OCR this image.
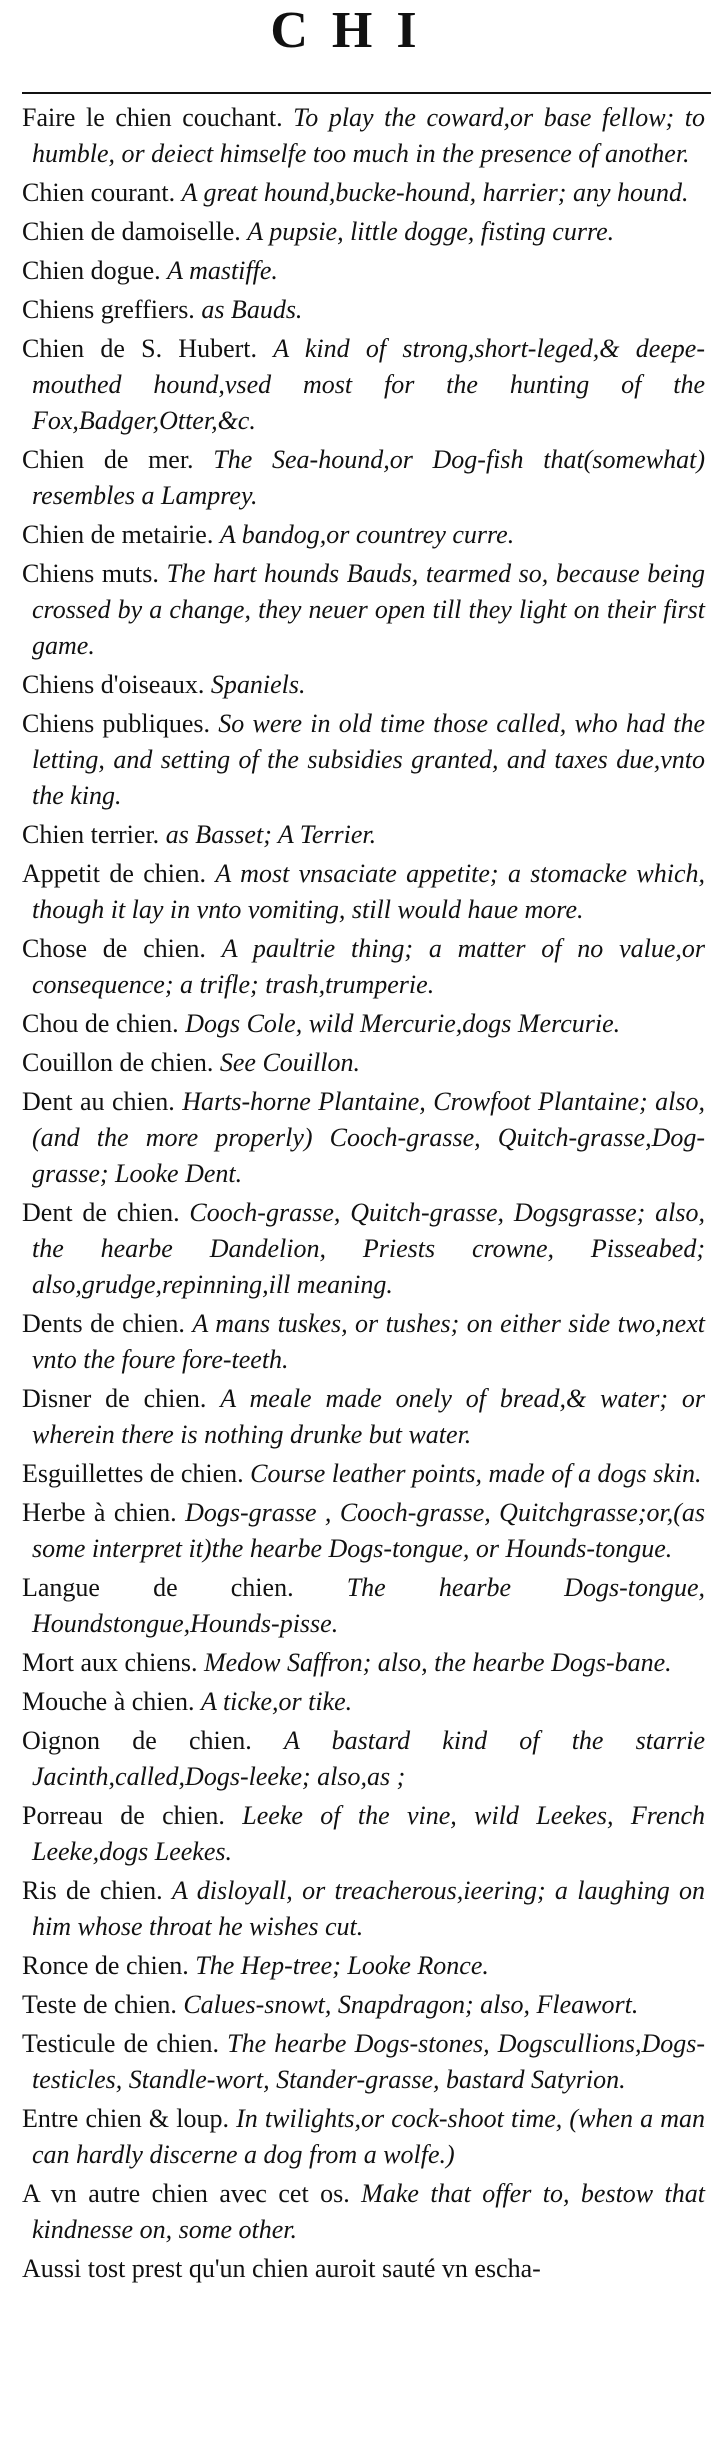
CHI

Faire le chien couchant. To play the coward,or base fellow; to humble, or deiect himselfe too much in the presence of another.

Chien courant. A great hound,bucke-hound, harrier; any hound.

Chien de damoiselle. A pupsie, little dogge, fisting curre.

Chien dogue. A mastiffe.

Chiens greffiers. as Bauds.

Chien de S. Hubert. A kind of strong,short-leged,& deepe-mouthed hound,vsed most for the hunting of the Fox,Badger,Otter,&c.

Chien de mer. The Sea-hound,or Dog-fish that(somewhat) resembles a Lamprey.

Chien de metairie. A bandog,or countrey curre.

Chiens muts. The hart hounds Bauds, tearmed so, because being crossed by a change, they neuer open till they light on their first game.

Chiens d'oiseaux. Spaniels.

Chiens publiques. So were in old time those called, who had the letting, and setting of the subsidies granted, and taxes due,vnto the king.

Chien terrier. as Basset; A Terrier.

Appetit de chien. A most vnsaciate appetite; a stomacke which, though it lay in vnto vomiting, still would haue more.

Chose de chien. A paultrie thing; a matter of no value,or consequence; a trifle; trash,trumperie.

Chou de chien. Dogs Cole, wild Mercurie,dogs Mercurie.

Couillon de chien. See Couillon.

Dent au chien. Harts-horne Plantaine, Crowfoot Plantaine; also,(and the more properly) Cooch-grasse, Quitch-grasse,Dog-grasse; Looke Dent.

Dent de chien. Cooch-grasse, Quitch-grasse, Dogsgrasse; also, the hearbe Dandelion, Priests crowne, Pisseabed; also,grudge,repinning,ill meaning.

Dents de chien. A mans tuskes, or tushes; on either side two,next vnto the foure fore-teeth.

Disner de chien. A meale made onely of bread,& water; or wherein there is nothing drunke but water.

Esguillettes de chien. Course leather points, made of a dogs skin.

Herbe à chien. Dogs-grasse , Cooch-grasse, Quitchgrasse;or,(as some interpret it)the hearbe Dogs-tongue, or Hounds-tongue.

Langue de chien. The hearbe Dogs-tongue, Houndstongue,Hounds-pisse.

Mort aux chiens. Medow Saffron; also, the hearbe Dogs-bane.

Mouche à chien. A ticke,or tike.

Oignon de chien. A bastard kind of the starrie Jacinth,called,Dogs-leeke; also,as ;

Porreau de chien. Leeke of the vine, wild Leekes, French Leeke,dogs Leekes.

Ris de chien. A disloyall, or treacherous,ieering; a laughing on him whose throat he wishes cut.

Ronce de chien. The Hep-tree; Looke Ronce.

Teste de chien. Calues-snowt, Snapdragon; also, Fleawort.

Testicule de chien. The hearbe Dogs-stones, Dogscullions,Dogs-testicles, Standle-wort, Stander-grasse, bastard Satyrion.

Entre chien & loup. In twilights,or cock-shoot time, (when a man can hardly discerne a dog from a wolfe.)

A vn autre chien avec cet os. Make that offer to, bestow that kindnesse on, some other.

Aussi tost prest qu'un chien auroit sauté vn escha-
